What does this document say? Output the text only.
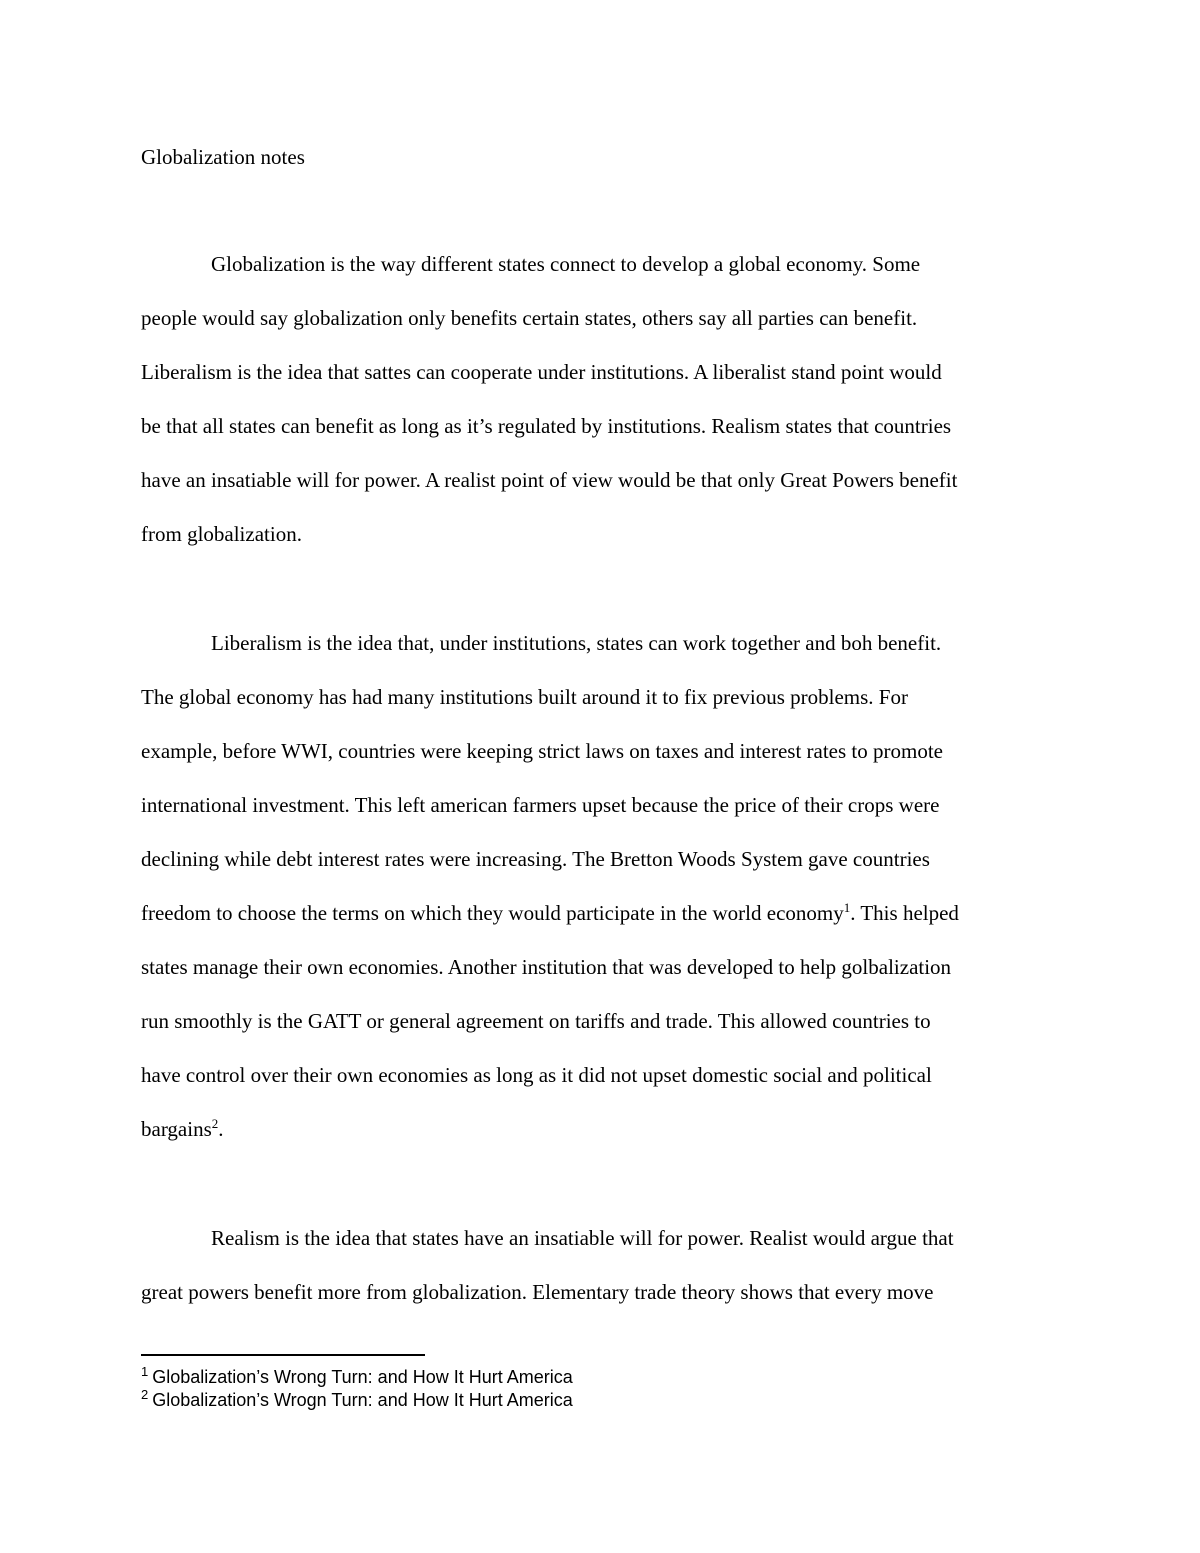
Globalization notes

Globalization is the way different states connect to develop a global economy. Some
people would say globalization only benefits certain states, others say all parties can benefit.
Liberalism is the idea that sattes can cooperate under institutions. A liberalist stand point would
be that all states can benefit as long as it’s regulated by institutions. Realism states that countries
have an insatiable will for power. A realist point of view would be that only Great Powers benefit
from globalization.
Liberalism is the idea that, under institutions, states can work together and boh benefit.
The global economy has had many institutions built around it to fix previous problems. For
example, before WWI, countries were keeping strict laws on taxes and interest rates to promote
international investment. This left american farmers upset because the price of their crops were
declining while debt interest rates were increasing. The Bretton Woods System gave countries
freedom to choose the terms on which they would participate in the world economy$^1$. This helped
states manage their own economies. Another institution that was developed to help golbalization
run smoothly is the GATT or general agreement on tariffs and trade. This allowed countries to
have control over their own economies as long as it did not upset domestic social and political
bargains$^2$.
Realism is the idea that states have an insatiable will for power. Realist would argue that
great powers benefit more from globalization. Elementary trade theory shows that every move
$^1$ Globalization’s Wrong Turn: and How It Hurt America
$^2$ Globalization’s Wrogn Turn: and How It Hurt America
